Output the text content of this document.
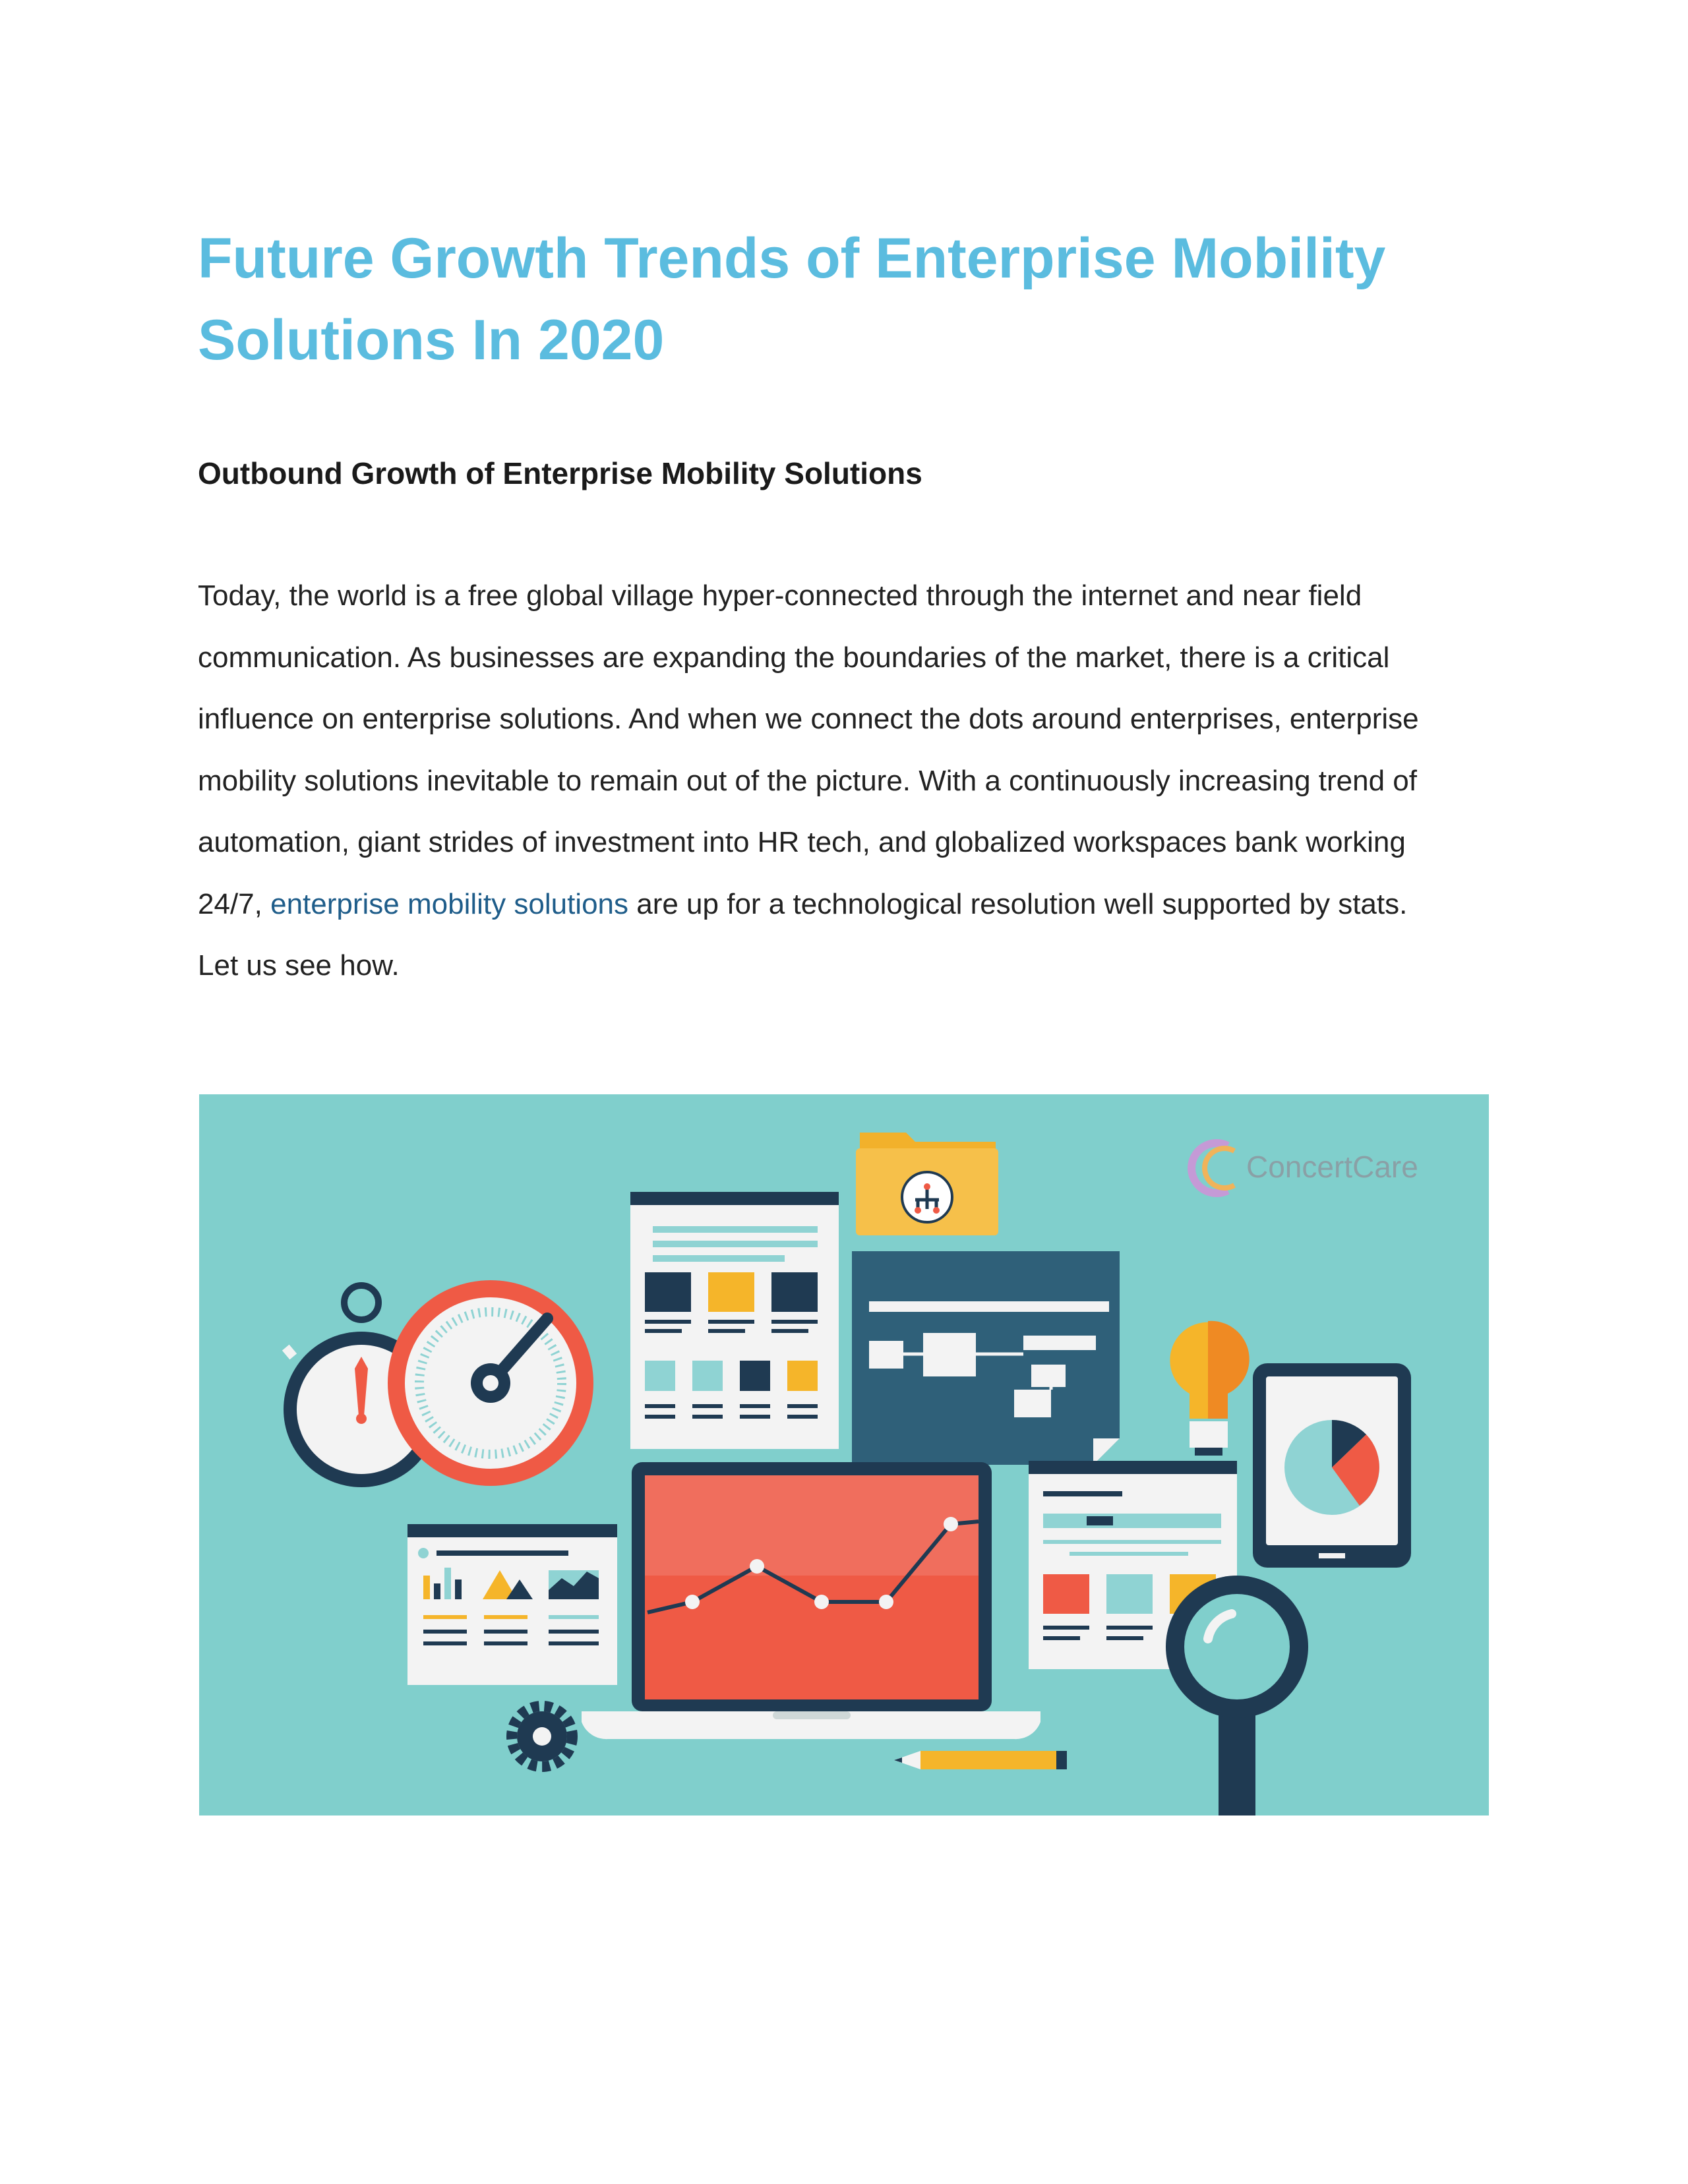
Future Growth Trends of Enterprise Mobility
Solutions In 2020
Outbound Growth of Enterprise Mobility Solutions

Today, the world is a free global village hyper-connected through the internet and near field
communication. As businesses are expanding the boundaries of the market, there is a critical
influence on enterprise solutions. And when we connect the dots around enterprises, enterprise
mobility solutions inevitable to remain out of the picture. With a continuously increasing trend of
automation, giant strides of investment into HR tech, and globalized workspaces bank working
24/7, enterprise mobility solutions are up for a technological resolution well supported by stats.
Let us see how.

ConcertCare
